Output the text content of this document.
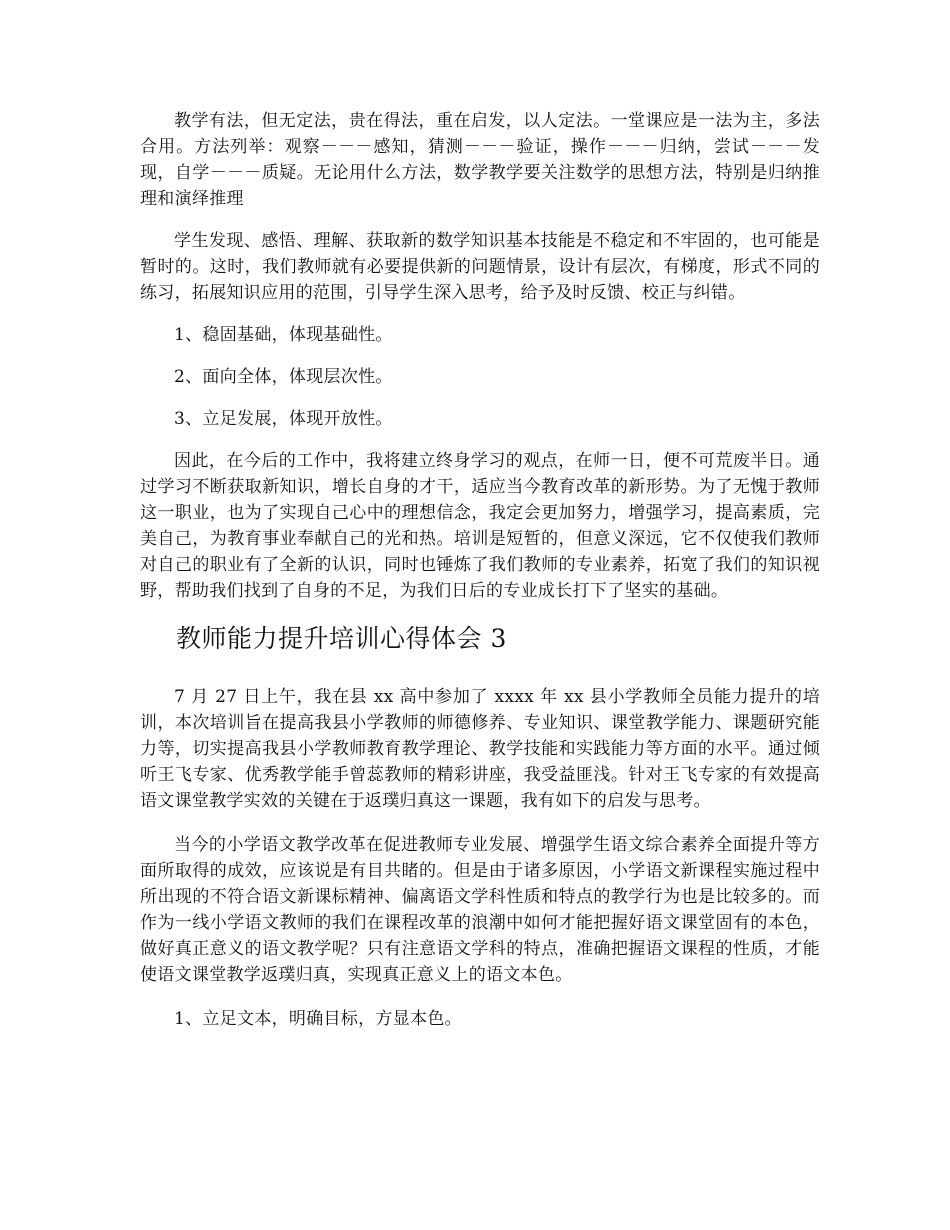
教学有法，但无定法，贵在得法，重在启发，以人定法。一堂课应是一法为主，多法合用。方法列举：观察－－－感知，猜测－－－验证，操作－－－归纳，尝试－－－发现，自学－－－质疑。无论用什么方法，数学教学要关注数学的思想方法，特别是归纳推理和演绎推理

学生发现、感悟、理解、获取新的数学知识基本技能是不稳定和不牢固的，也可能是暂时的。这时，我们教师就有必要提供新的问题情景，设计有层次，有梯度，形式不同的练习，拓展知识应用的范围，引导学生深入思考，给予及时反馈、校正与纠错。

1、稳固基础，体现基础性。

2、面向全体，体现层次性。

3、立足发展，体现开放性。

因此，在今后的工作中，我将建立终身学习的观点，在师一日，便不可荒废半日。通过学习不断获取新知识，增长自身的才干，适应当今教育改革的新形势。为了无愧于教师这一职业，也为了实现自己心中的理想信念，我定会更加努力，增强学习，提高素质，完美自己，为教育事业奉献自己的光和热。培训是短暂的，但意义深远，它不仅使我们教师对自己的职业有了全新的认识，同时也锤炼了我们教师的专业素养，拓宽了我们的知识视野，帮助我们找到了自身的不足，为我们日后的专业成长打下了坚实的基础。

教师能力提升培训心得体会 3

7 月 27 日上午，我在县 xx 高中参加了 xxxx 年 xx 县小学教师全员能力提升的培训，本次培训旨在提高我县小学教师的师德修养、专业知识、课堂教学能力、课题研究能力等，切实提高我县小学教师教育教学理论、教学技能和实践能力等方面的水平。通过倾听王飞专家、优秀教学能手曾蕊教师的精彩讲座，我受益匪浅。针对王飞专家的有效提高语文课堂教学实效的关键在于返璞归真这一课题，我有如下的启发与思考。

当今的小学语文教学改革在促进教师专业发展、增强学生语文综合素养全面提升等方面所取得的成效，应该说是有目共睹的。但是由于诸多原因，小学语文新课程实施过程中所出现的不符合语文新课标精神、偏离语文学科性质和特点的教学行为也是比较多的。而作为一线小学语文教师的我们在课程改革的浪潮中如何才能把握好语文课堂固有的本色，做好真正意义的语文教学呢？只有注意语文学科的特点，准确把握语文课程的性质，才能使语文课堂教学返璞归真，实现真正意义上的语文本色。

1、立足文本，明确目标，方显本色。
